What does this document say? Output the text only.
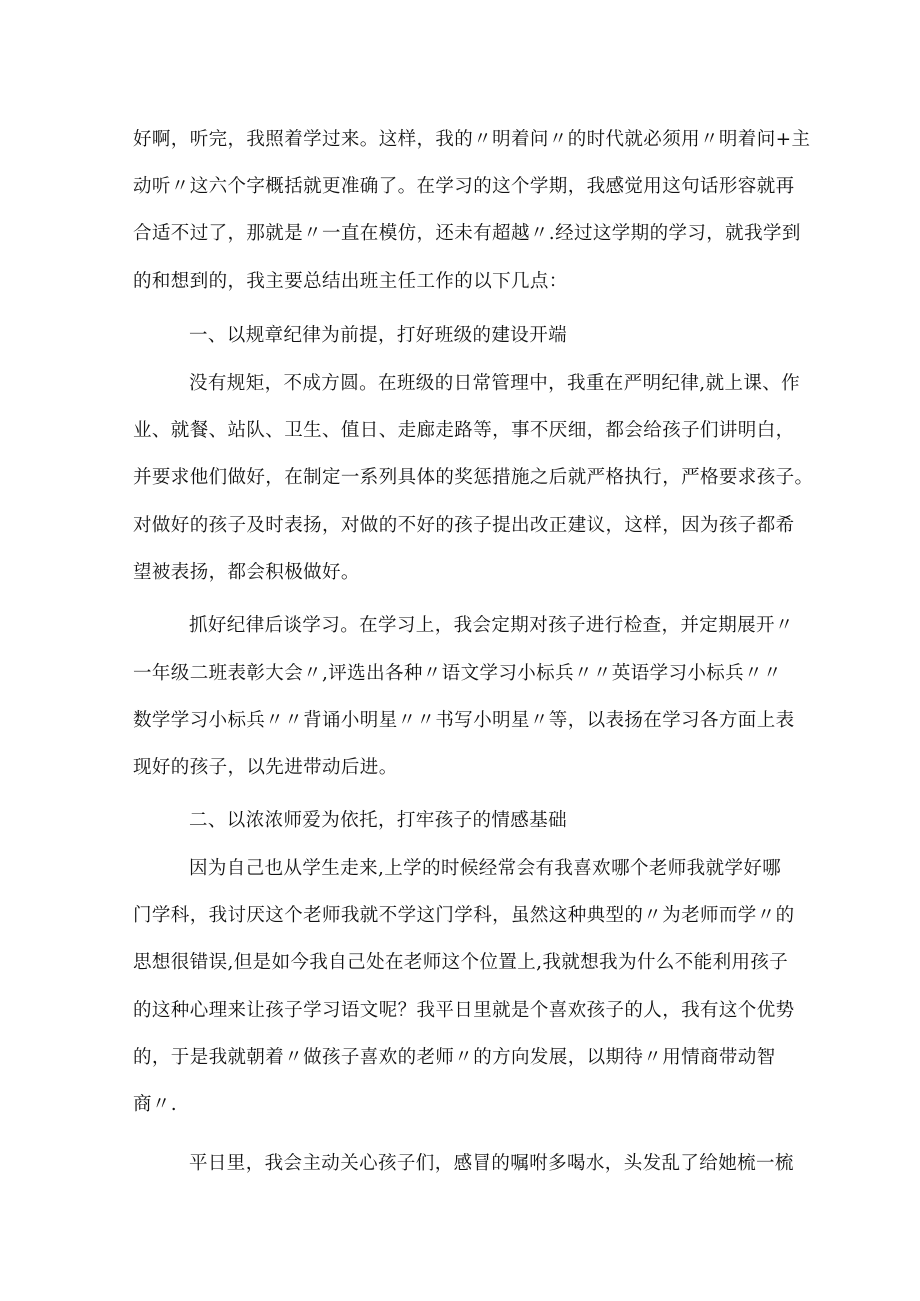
好啊，听完，我照着学过来。这样，我的〃明着问〃的时代就必须用〃明着问+主
动听〃这六个字概括就更准确了。在学习的这个学期，我感觉用这句话形容就再
合适不过了，那就是〃一直在模仿，还未有超越〃.经过这学期的学习，就我学到
的和想到的，我主要总结出班主任工作的以下几点：
一、以规章纪律为前提，打好班级的建设开端
没有规矩，不成方圆。在班级的日常管理中，我重在严明纪律,就上课、作
业、就餐、站队、卫生、值日、走廊走路等，事不厌细，都会给孩子们讲明白，
并要求他们做好，在制定一系列具体的奖惩措施之后就严格执行，严格要求孩子。
对做好的孩子及时表扬，对做的不好的孩子提出改正建议，这样，因为孩子都希
望被表扬，都会积极做好。
抓好纪律后谈学习。在学习上，我会定期对孩子进行检查，并定期展开〃
一年级二班表彰大会〃,评选出各种〃语文学习小标兵〃〃英语学习小标兵〃〃
数学学习小标兵〃〃背诵小明星〃〃书写小明星〃等，以表扬在学习各方面上表
现好的孩子，以先进带动后进。
二、以浓浓师爱为依托，打牢孩子的情感基础
因为自己也从学生走来,上学的时候经常会有我喜欢哪个老师我就学好哪
门学科，我讨厌这个老师我就不学这门学科，虽然这种典型的〃为老师而学〃的
思想很错误,但是如今我自己处在老师这个位置上,我就想我为什么不能利用孩子
的这种心理来让孩子学习语文呢？我平日里就是个喜欢孩子的人，我有这个优势
的，于是我就朝着〃做孩子喜欢的老师〃的方向发展，以期待〃用情商带动智
商〃.
平日里，我会主动关心孩子们，感冒的嘱咐多喝水，头发乱了给她梳一梳
